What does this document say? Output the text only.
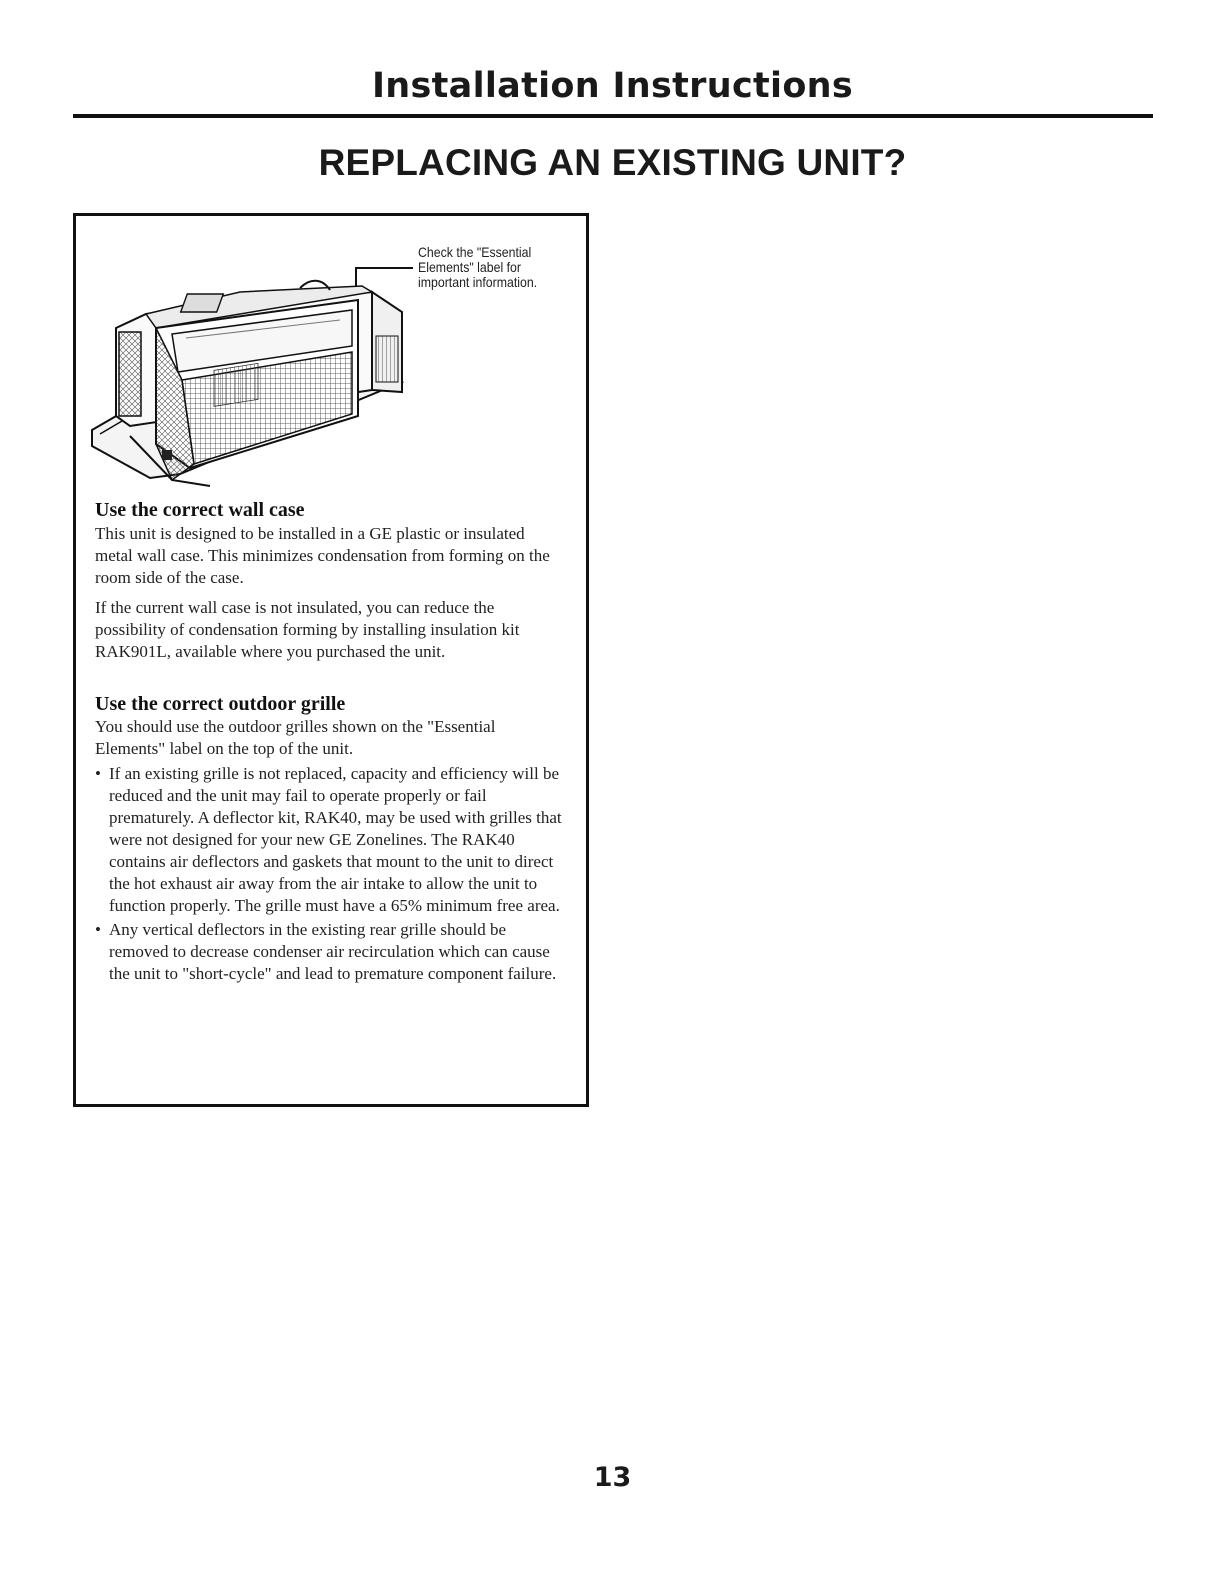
Installation Instructions
REPLACING AN EXISTING UNIT?
Check the "Essential Elements" label for important information.
Use the correct wall case

This unit is designed to be installed in a GE plastic or insulated metal wall case. This minimizes condensation from forming on the room side of the case.

If the current wall case is not insulated, you can reduce the possibility of condensation forming by installing insulation kit RAK901L, available where you purchased the unit.

Use the correct outdoor grille

You should use the outdoor grilles shown on the "Essential Elements" label on the top of the unit.

• If an existing grille is not replaced, capacity and efficiency will be reduced and the unit may fail to operate properly or fail prematurely. A deflector kit, RAK40, may be used with grilles that were not designed for your new GE Zonelines. The RAK40 contains air deflectors and gaskets that mount to the unit to direct the hot exhaust air away from the air intake to allow the unit to function properly. The grille must have a 65% minimum free area.
• Any vertical deflectors in the existing rear grille should be removed to decrease condenser air recirculation which can cause the unit to "short-cycle" and lead to premature component failure.
13
